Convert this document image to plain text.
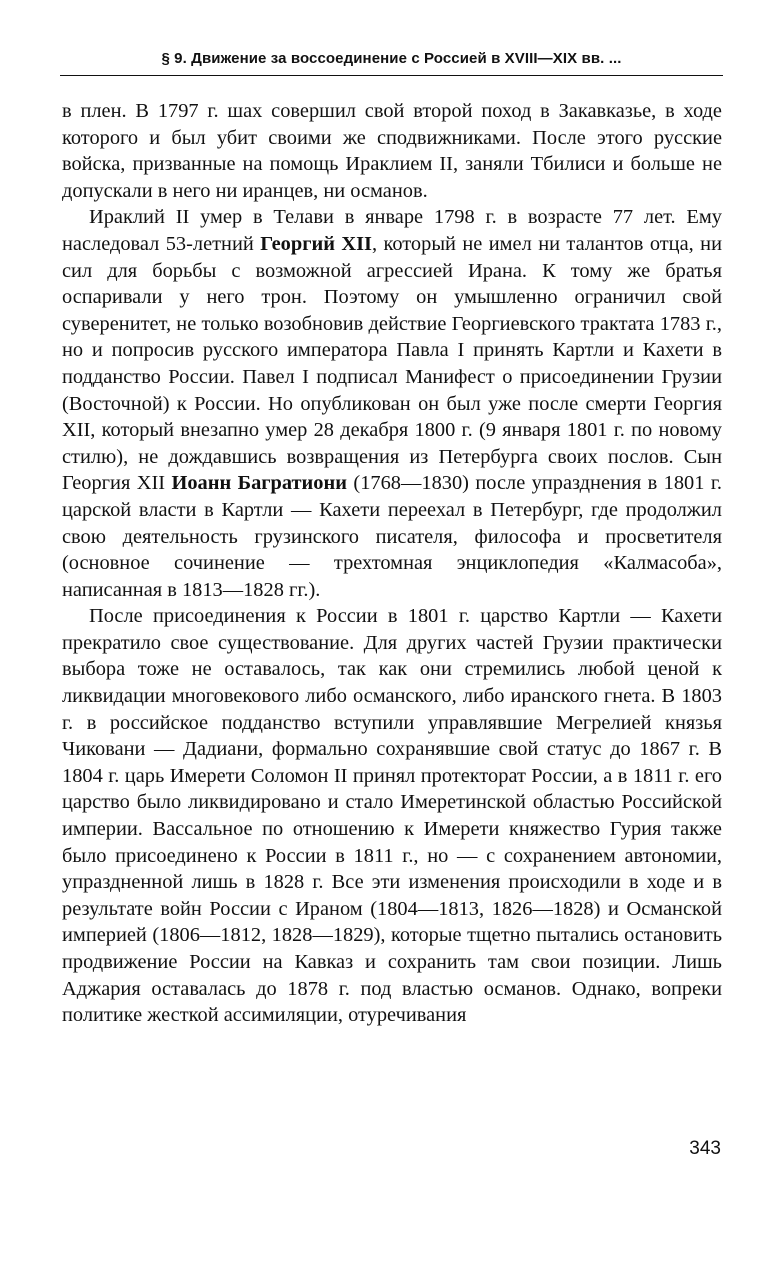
§ 9. Движение за воссоединение с Россией в XVIII—XIX вв. ...

в плен. В 1797 г. шах совершил свой второй поход в Закавказье, в ходе которого и был убит своими же сподвижниками. После этого русские войска, призванные на помощь Ираклием II, заняли Тбилиси и больше не допускали в него ни иранцев, ни османов.

Ираклий II умер в Телави в январе 1798 г. в возрасте 77 лет. Ему наследовал 53-летний Георгий XII, который не имел ни талантов отца, ни сил для борьбы с возможной агрессией Ирана. К тому же братья оспаривали у него трон. Поэтому он умышленно ограничил свой суверенитет, не только возобновив действие Георгиевского трактата 1783 г., но и попросив русского императора Павла I принять Картли и Кахети в подданство России. Павел I подписал Манифест о присоединении Грузии (Восточной) к России. Но опубликован он был уже после смерти Георгия XII, который внезапно умер 28 декабря 1800 г. (9 января 1801 г. по новому стилю), не дождавшись возвращения из Петербурга своих послов. Сын Георгия XII Иоанн Багратиони (1768—1830) после упразднения в 1801 г. царской власти в Картли — Кахети переехал в Петербург, где продолжил свою деятельность грузинского писателя, философа и просветителя (основное сочинение — трехтомная энциклопедия «Калмасоба», написанная в 1813—1828 гг.).

После присоединения к России в 1801 г. царство Картли — Кахети прекратило свое существование. Для других частей Грузии практически выбора тоже не оставалось, так как они стремились любой ценой к ликвидации многовекового либо османского, либо иранского гнета. В 1803 г. в российское подданство вступили управлявшие Мегрелией князья Чиковани — Дадиани, формально сохранявшие свой статус до 1867 г. В 1804 г. царь Имерети Соломон II принял протекторат России, а в 1811 г. его царство было ликвидировано и стало Имеретинской областью Российской империи. Вассальное по отношению к Имерети княжество Гурия также было присоединено к России в 1811 г., но — с сохранением автономии, упраздненной лишь в 1828 г. Все эти изменения происходили в ходе и в результате войн России с Ираном (1804—1813, 1826—1828) и Османской империей (1806—1812, 1828—1829), которые тщетно пытались остановить продвижение России на Кавказ и сохранить там свои позиции. Лишь Аджария оставалась до 1878 г. под властью османов. Однако, вопреки политике жесткой ассимиляции, отуречивания

343
